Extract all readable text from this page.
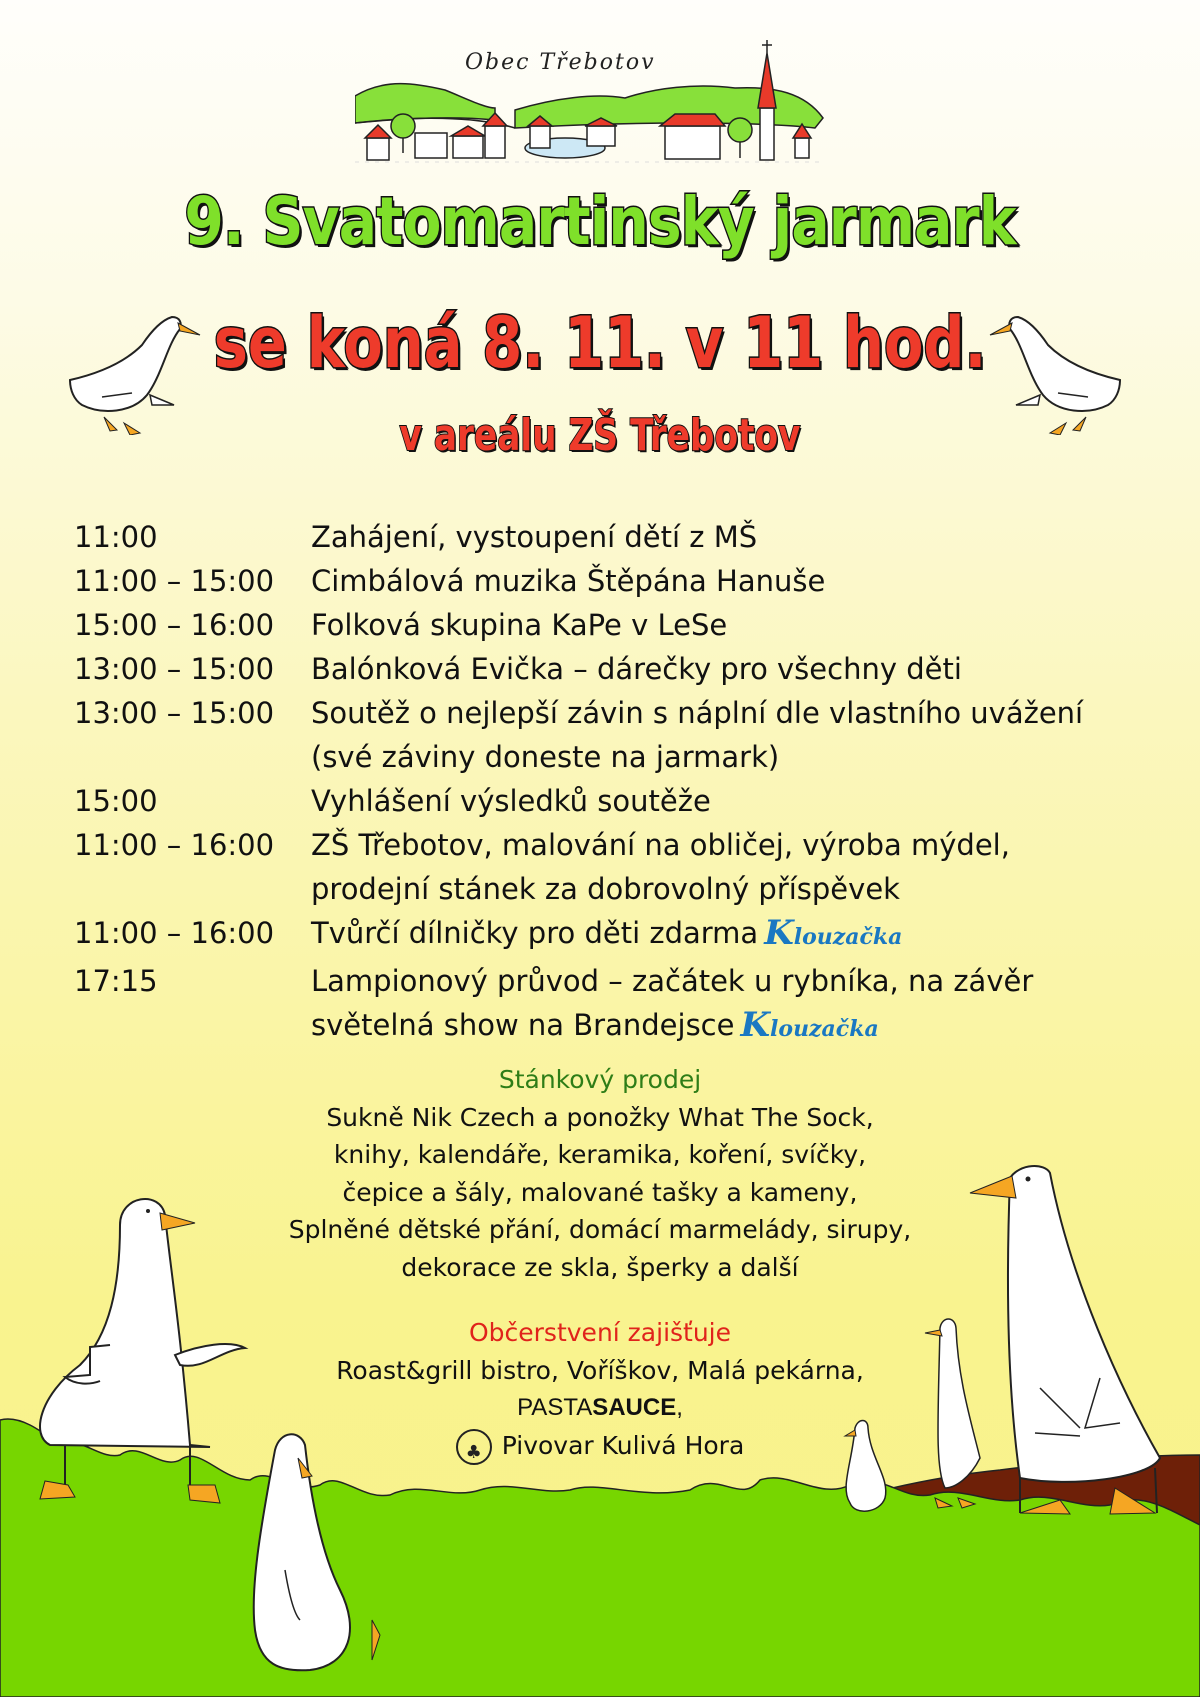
Obec Třebotov
9. Svatomartinský jarmark
se koná 8. 11. v 11 hod.
v areálu ZŠ Třebotov
11:00	Zahájení, vystoupení dětí z MŠ
11:00 – 15:00	Cimbálová muzika Štěpána Hanuše
15:00 – 16:00	Folková skupina KaPe v LeSe
13:00 – 15:00	Balónková Evička – dárečky pro všechny děti
13:00 – 15:00	Soutěž o nejlepší závin s náplní dle vlastního uvážení
(své záviny doneste na jarmark)
15:00	Vyhlášení výsledků soutěže
11:00 – 16:00	ZŠ Třebotov, malování na obličej, výroba mýdel,
prodejní stánek za dobrovolný příspěvek
11:00 – 16:00	Tvůrčí dílničky pro děti zdarma Klouzačka
17:15	Lampionový průvod – začátek u rybníka, na závěr
světelná show na Brandejsce Klouzačka
Stánkový prodej
Sukně Nik Czech a ponožky What The Sock,
knihy, kalendáře, keramika, koření, svíčky,
čepice a šály, malované tašky a kameny,
Splněné dětské přání, domácí marmelády, sirupy,
dekorace ze skla, šperky a další
Občerstvení zajišťuje
Roast&grill bistro, Voříškov, Malá pekárna,
PASTASAUCE,
♣Pivovar Kulivá Hora
